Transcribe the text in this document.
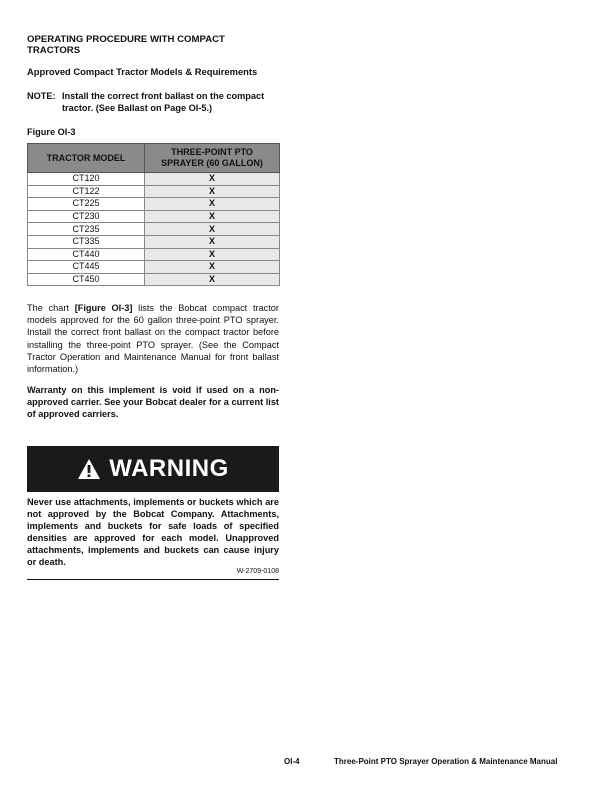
OPERATING PROCEDURE WITH COMPACT TRACTORS
Approved Compact Tractor Models & Requirements
NOTE: Install the correct front ballast on the compact tractor. (See Ballast on Page OI-5.)
Figure OI-3
TRACTOR MODEL	THREE-POINT PTO SPRAYER (60 GALLON)
CT120	X
CT122	X
CT225	X
CT230	X
CT235	X
CT335	X
CT440	X
CT445	X
CT450	X
The chart [Figure OI-3] lists the Bobcat compact tractor models approved for the 60 gallon three-point PTO sprayer. Install the correct front ballast on the compact tractor before installing the three-point PTO sprayer. (See the Compact Tractor Operation and Maintenance Manual for front ballast information.)
Warranty on this implement is void if used on a non-approved carrier. See your Bobcat dealer for a current list of approved carriers.
WARNING
Never use attachments, implements or buckets which are not approved by the Bobcat Company. Attachments, implements and buckets for safe loads of specified densities are approved for each model. Unapproved attachments, implements and buckets can cause injury or death.
W-2709-0108
OI-4	Three-Point PTO Sprayer Operation & Maintenance Manual
